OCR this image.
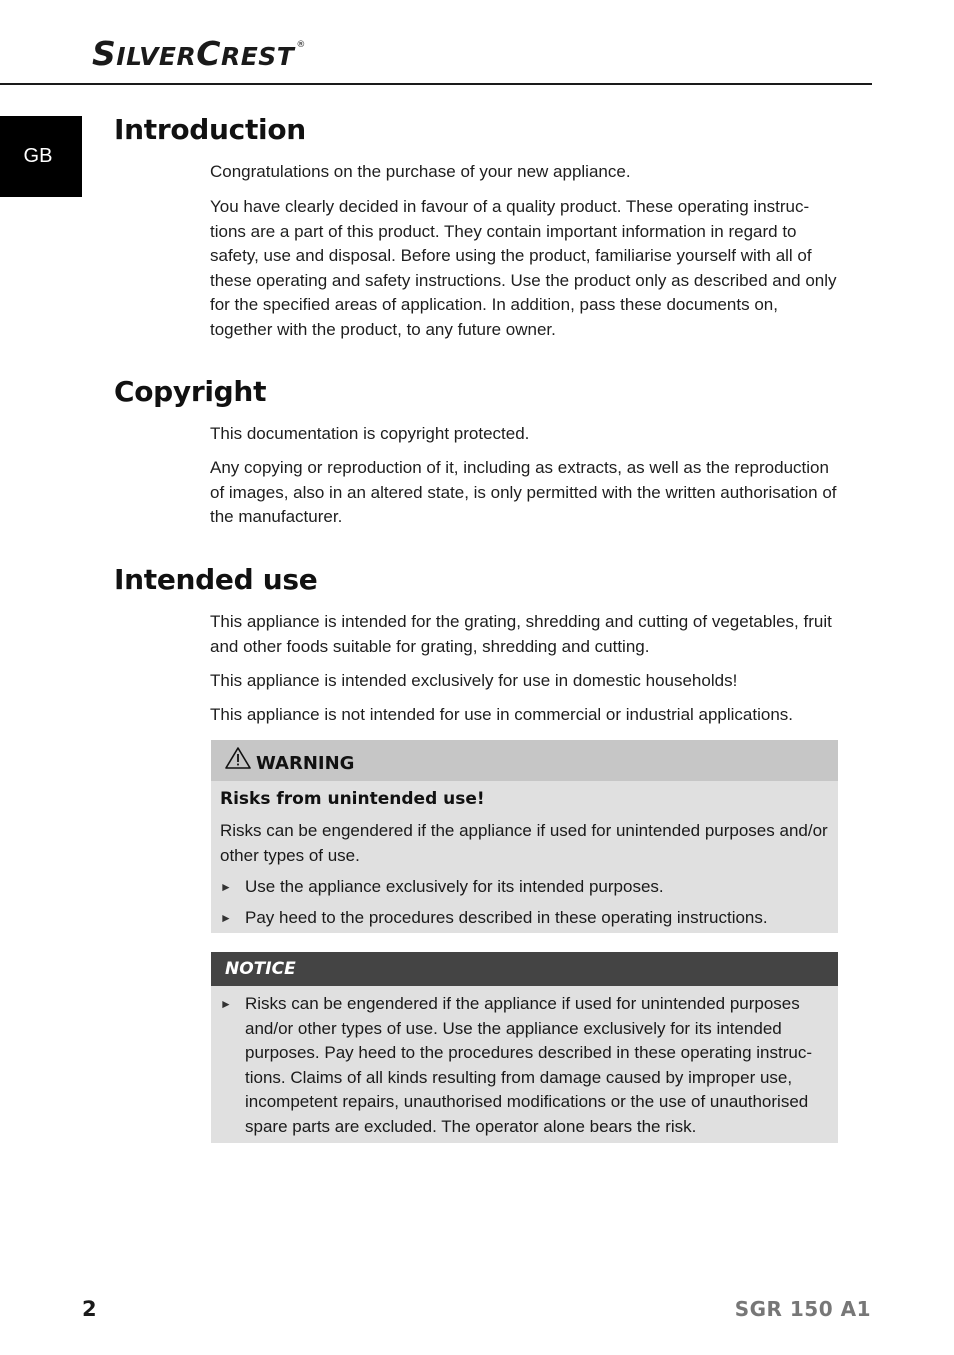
SILVERCREST ®
GB
Introduction

Congratulations on the purchase of your new appliance.

You have clearly decided in favour of a quality product. These operating instruc-tions are a part of this product. They contain important information in regard to safety, use and disposal. Before using the product, familiarise yourself with all of these operating and safety instructions. Use the product only as described and only for the specified areas of application. In addition, pass these documents on, together with the product, to any future owner.

Copyright

This documentation is copyright protected.

Any copying or reproduction of it, including as extracts, as well as the reproduction of images, also in an altered state, is only permitted with the written authorisation of the manufacturer.

Intended use

This appliance is intended for the grating, shredding and cutting of vegetables, fruit and other foods suitable for grating, shredding and cutting.

This appliance is intended exclusively for use in domestic households!

This appliance is not intended for use in commercial or industrial applications.

WARNING
Risks from unintended use!

Risks can be engendered if the appliance if used for unintended purposes and/or other types of use.

► Use the appliance exclusively for its intended purposes.
► Pay heed to the procedures described in these operating instructions.
NOTICE
► Risks can be engendered if the appliance if used for unintended purposes and/or other types of use. Use the appliance exclusively for its intended purposes. Pay heed to the procedures described in these operating instruc-tions. Claims of all kinds resulting from damage caused by improper use, incompetent repairs, unauthorised modifications or the use of unauthorised spare parts are excluded. The operator alone bears the risk.
2	SGR 150 A1
